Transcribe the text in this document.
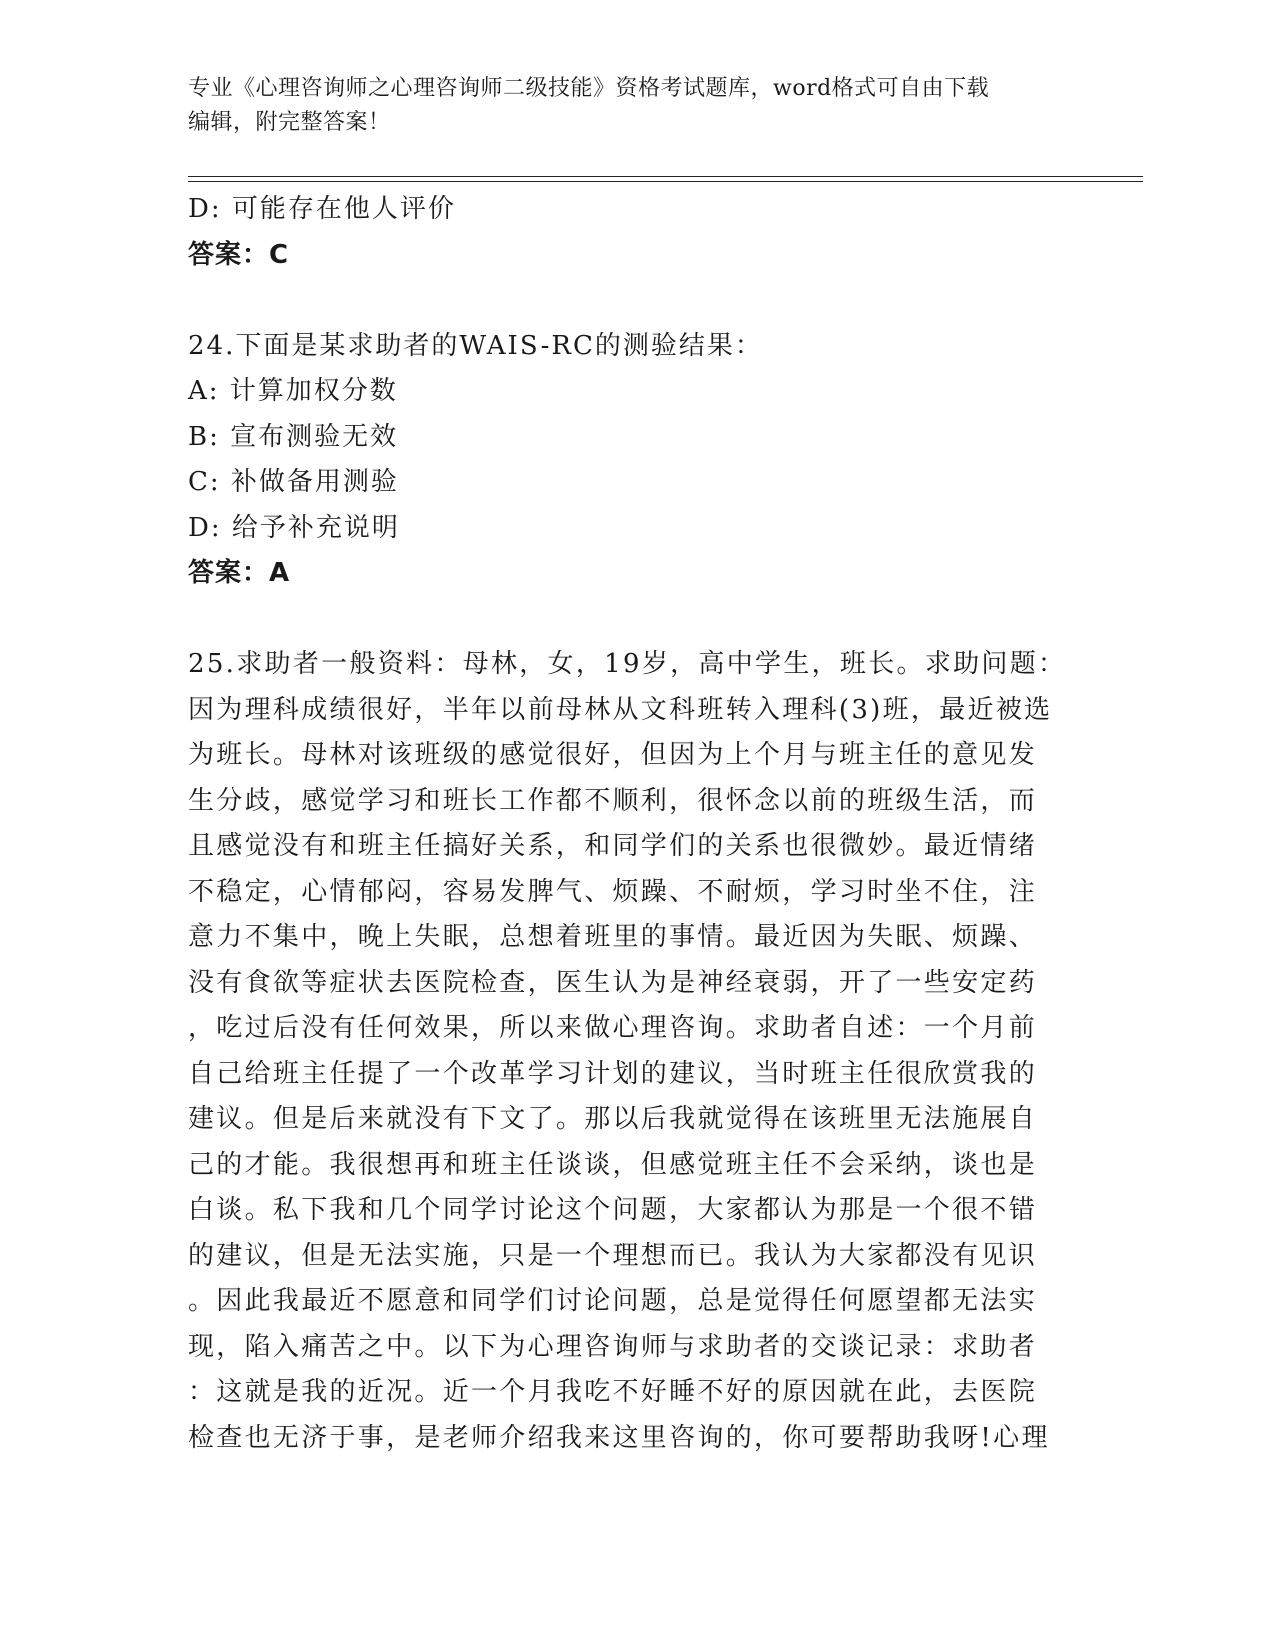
专业《心理咨询师之心理咨询师二级技能》资格考试题库，word格式可自由下载
编辑，附完整答案！
D: 可能存在他人评价
答案：C
24.下面是某求助者的WAIS-RC的测验结果：
A: 计算加权分数
B: 宣布测验无效
C: 补做备用测验
D: 给予补充说明
答案：A
25.求助者一般资料：母林，女，19岁，高中学生，班长。求助问题：
因为理科成绩很好，半年以前母林从文科班转入理科(3)班，最近被选
为班长。母林对该班级的感觉很好，但因为上个月与班主任的意见发
生分歧，感觉学习和班长工作都不顺利，很怀念以前的班级生活，而
且感觉没有和班主任搞好关系，和同学们的关系也很微妙。最近情绪
不稳定，心情郁闷，容易发脾气、烦躁、不耐烦，学习时坐不住，注
意力不集中，晚上失眠，总想着班里的事情。最近因为失眠、烦躁、
没有食欲等症状去医院检查，医生认为是神经衰弱，开了一些安定药
，吃过后没有任何效果，所以来做心理咨询。求助者自述：一个月前
自己给班主任提了一个改革学习计划的建议，当时班主任很欣赏我的
建议。但是后来就没有下文了。那以后我就觉得在该班里无法施展自
己的才能。我很想再和班主任谈谈，但感觉班主任不会采纳，谈也是
白谈。私下我和几个同学讨论这个问题，大家都认为那是一个很不错
的建议，但是无法实施，只是一个理想而已。我认为大家都没有见识
。因此我最近不愿意和同学们讨论问题，总是觉得任何愿望都无法实
现，陷入痛苦之中。以下为心理咨询师与求助者的交谈记录：求助者
：这就是我的近况。近一个月我吃不好睡不好的原因就在此，去医院
检查也无济于事，是老师介绍我来这里咨询的，你可要帮助我呀!心理
